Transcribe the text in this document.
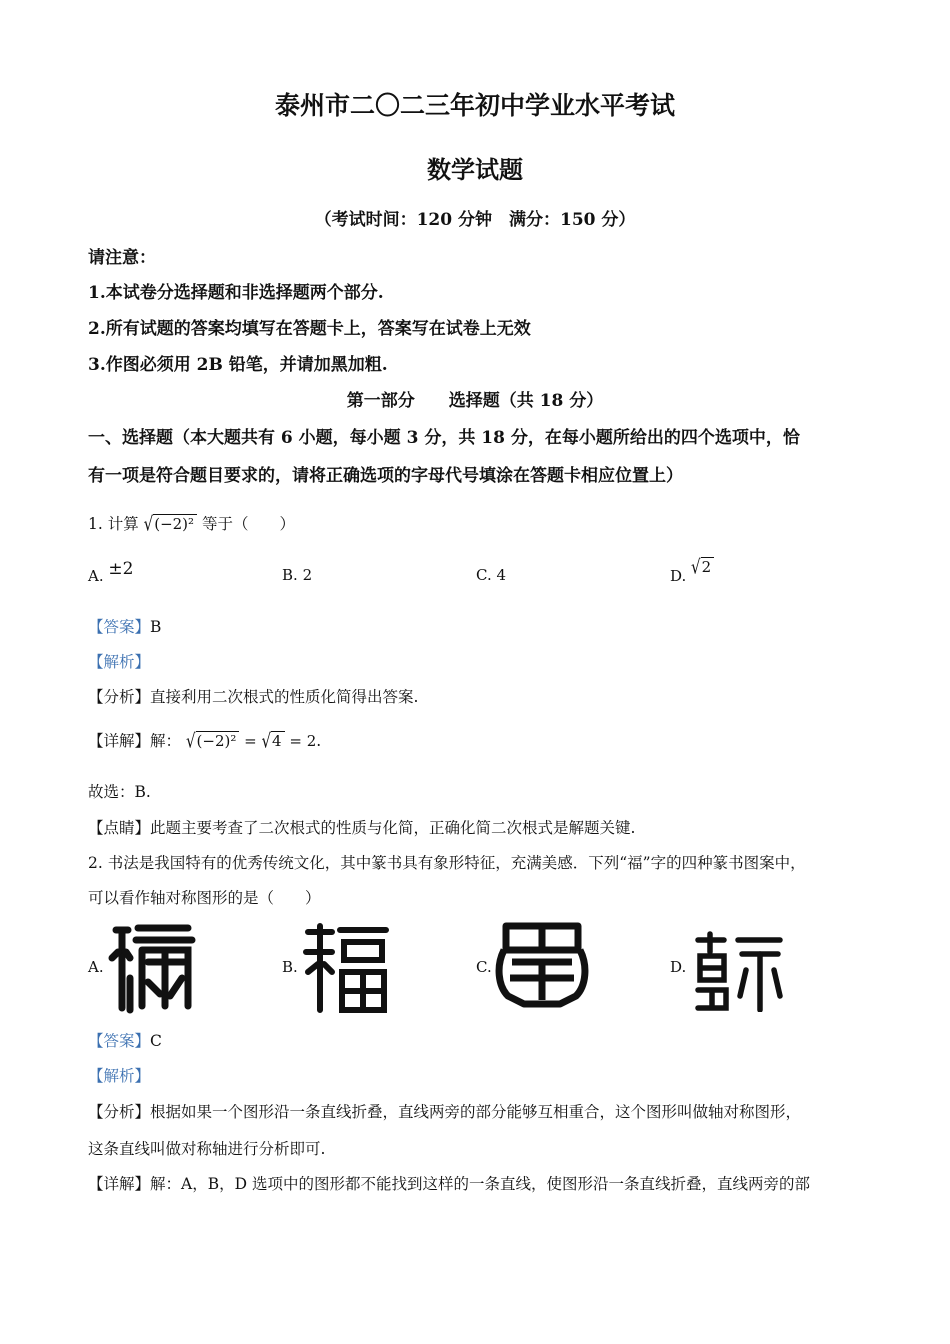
泰州市二〇二三年初中学业水平考试
数学试题
（考试时间：120 分钟　满分：150 分）
请注意：
1.本试卷分选择题和非选择题两个部分.
2.所有试题的答案均填写在答题卡上，答案写在试卷上无效
3.作图必须用 2B 铅笔，并请加黑加粗.
第一部分　　选择题（共 18 分）
一、选择题（本大题共有 6 小题，每小题 3 分，共 18 分，在每小题所给出的四个选项中，恰
有一项是符合题目要求的，请将正确选项的字母代号填涂在答题卡相应位置上）
1. 计算 √(−2)² 等于（　　）
A. ±2	B. 2	C. 4	D. √2
【答案】B
【解析】
【分析】直接利用二次根式的性质化简得出答案.
【详解】解： √(−2)² = √4 = 2.
故选：B.
【点睛】此题主要考查了二次根式的性质与化简，正确化简二次根式是解题关键.
2. 书法是我国特有的优秀传统文化，其中篆书具有象形特征，充满美感．下列“福”字的四种篆书图案中，
可以看作轴对称图形的是（　　）
A.	B.	C.	D.
【答案】C
【解析】
【分析】根据如果一个图形沿一条直线折叠，直线两旁的部分能够互相重合，这个图形叫做轴对称图形，
这条直线叫做对称轴进行分析即可.
【详解】解：A，B，D 选项中的图形都不能找到这样的一条直线，使图形沿一条直线折叠，直线两旁的部
